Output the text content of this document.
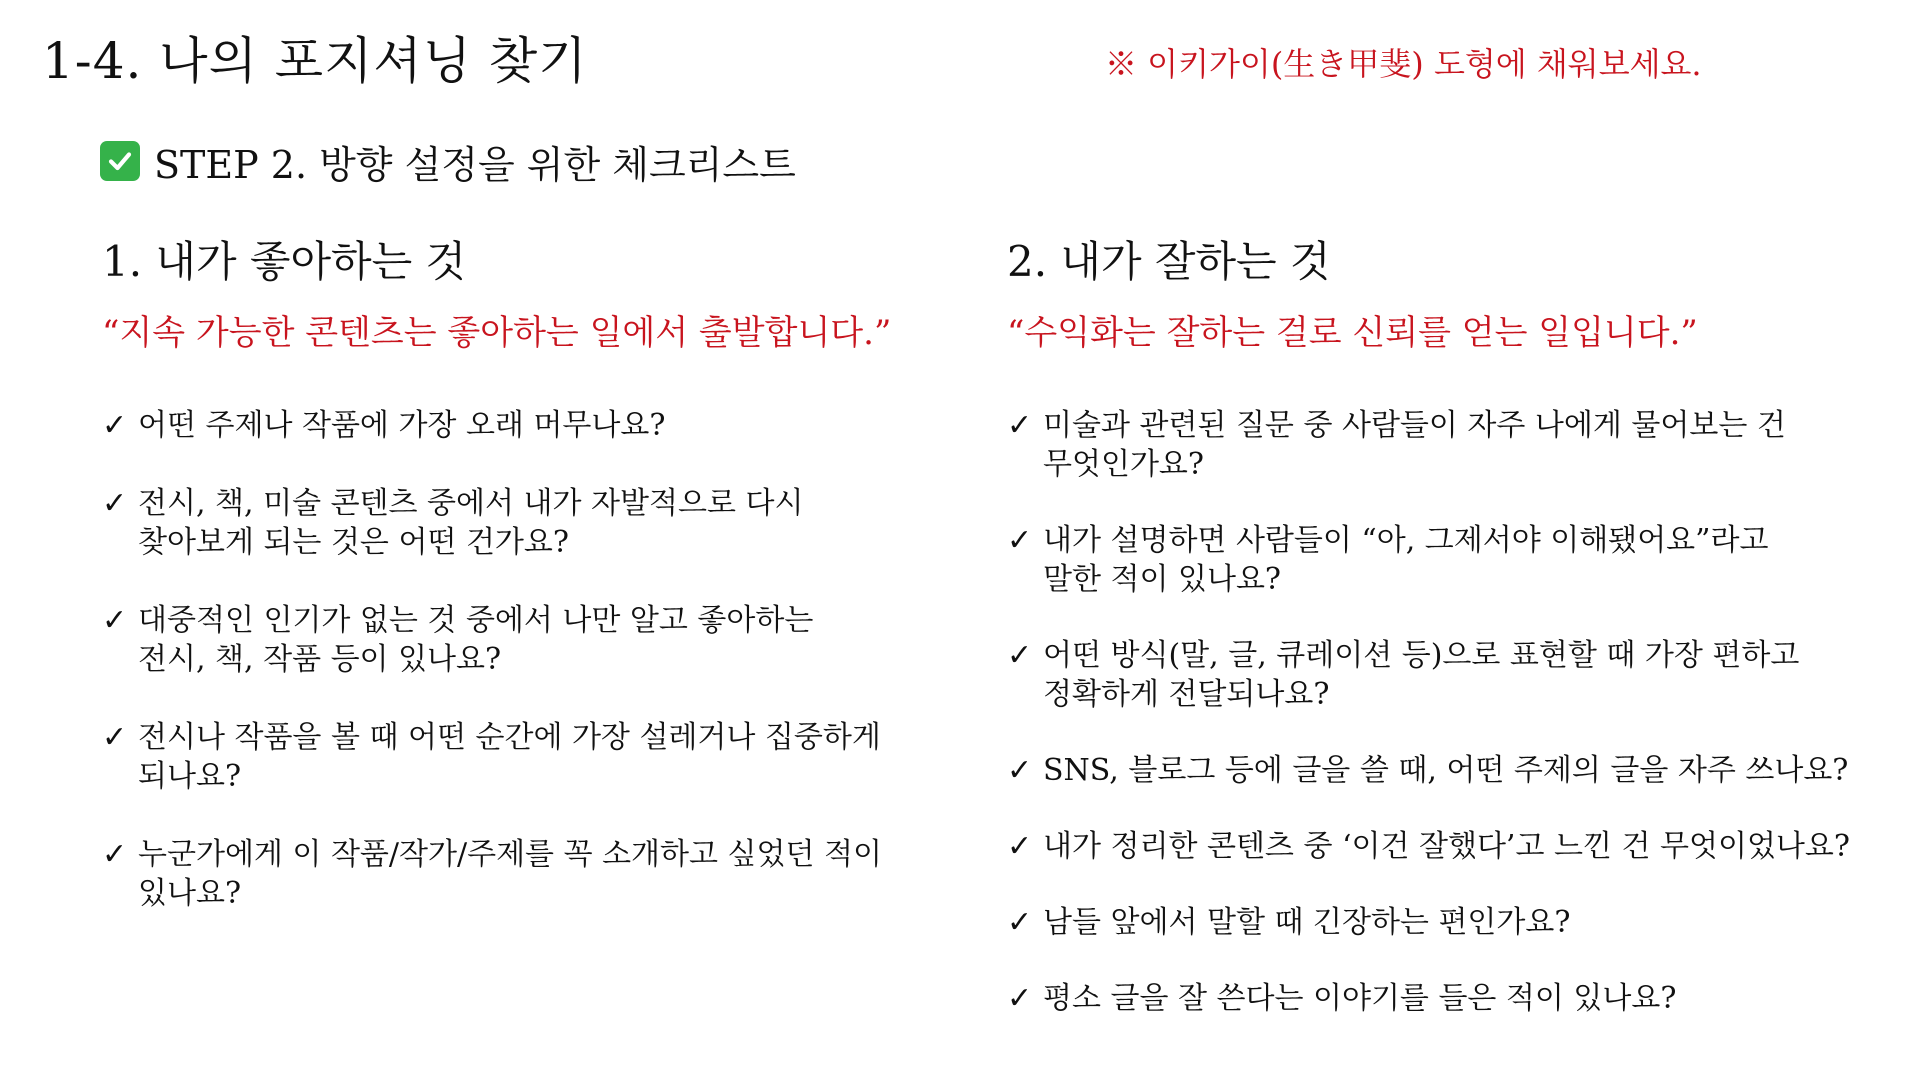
1-4. 나의 포지셔닝 찾기	※ 이키가이(生き甲斐) 도형에 채워보세요.
STEP 2. 방향 설정을 위한 체크리스트
1. 내가 좋아하는 것
“지속 가능한 콘텐츠는 좋아하는 일에서 출발합니다.”
✓ 어떤 주제나 작품에 가장 오래 머무나요?
✓ 전시, 책, 미술 콘텐츠 중에서 내가 자발적으로 다시
찾아보게 되는 것은 어떤 건가요?
✓ 대중적인 인기가 없는 것 중에서 나만 알고 좋아하는
전시, 책, 작품 등이 있나요?
✓ 전시나 작품을 볼 때 어떤 순간에 가장 설레거나 집중하게
되나요?
✓ 누군가에게 이 작품/작가/주제를 꼭 소개하고 싶었던 적이
있나요?
2. 내가 잘하는 것
“수익화는 잘하는 걸로 신뢰를 얻는 일입니다.”
✓ 미술과 관련된 질문 중 사람들이 자주 나에게 물어보는 건
무엇인가요?
✓ 내가 설명하면 사람들이 “아, 그제서야 이해됐어요”라고
말한 적이 있나요?
✓ 어떤 방식(말, 글, 큐레이션 등)으로 표현할 때 가장 편하고
정확하게 전달되나요?
✓ SNS, 블로그 등에 글을 쓸 때, 어떤 주제의 글을 자주 쓰나요?
✓ 내가 정리한 콘텐츠 중 ‘이건 잘했다’고 느낀 건 무엇이었나요?
✓ 남들 앞에서 말할 때 긴장하는 편인가요?
✓ 평소 글을 잘 쓴다는 이야기를 들은 적이 있나요?
